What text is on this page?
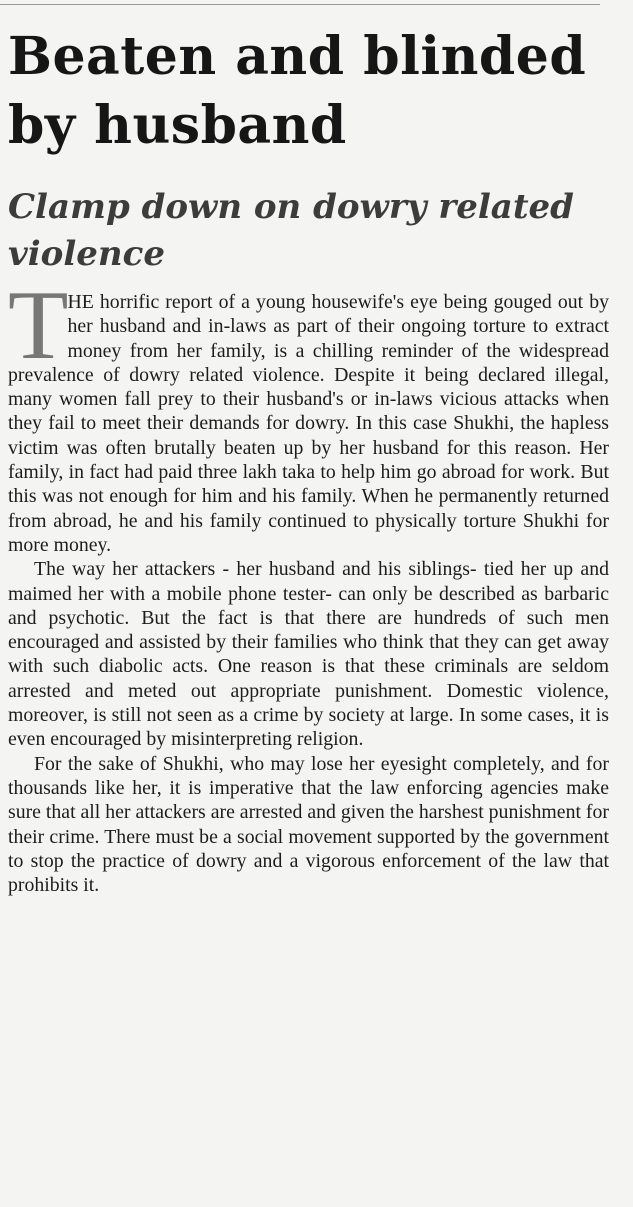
Beaten and blinded by husband
Clamp down on dowry related violence

THE horrific report of a young housewife's eye being gouged out by her husband and in-laws as part of their ongoing torture to extract money from her family, is a chilling reminder of the widespread prevalence of dowry related violence. Despite it being declared illegal, many women fall prey to their husband's or in-laws vicious attacks when they fail to meet their demands for dowry. In this case Shukhi, the hapless victim was often brutally beaten up by her husband for this reason. Her family, in fact had paid three lakh taka to help him go abroad for work. But this was not enough for him and his family. When he permanently returned from abroad, he and his family continued to physically torture Shukhi for more money.

The way her attackers - her husband and his siblings- tied her up and maimed her with a mobile phone tester- can only be described as barbaric and psychotic. But the fact is that there are hundreds of such men encouraged and assisted by their families who think that they can get away with such diabolic acts. One reason is that these criminals are seldom arrested and meted out appropriate punishment. Domestic violence, moreover, is still not seen as a crime by society at large. In some cases, it is even encouraged by misinterpreting religion.

For the sake of Shukhi, who may lose her eyesight completely, and for thousands like her, it is imperative that the law enforcing agencies make sure that all her attackers are arrested and given the harshest punishment for their crime. There must be a social movement supported by the government to stop the practice of dowry and a vigorous enforcement of the law that prohibits it.
